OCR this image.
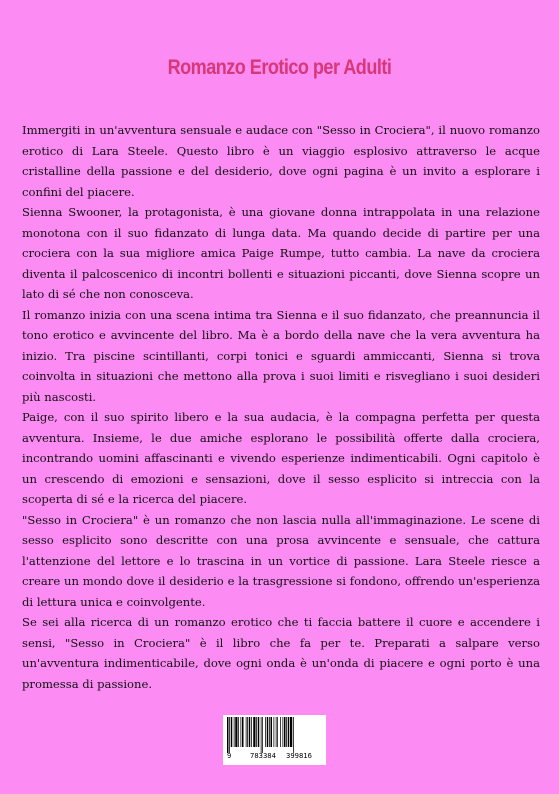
Romanzo Erotico per Adulti

Immergiti in un'avventura sensuale e audace con "Sesso in Crociera", il nuovo romanzo erotico di Lara Steele. Questo libro è un viaggio esplosivo attraverso le acque cristalline della passione e del desiderio, dove ogni pagina è un invito a esplorare i confini del piacere.

Sienna Swooner, la protagonista, è una giovane donna intrappolata in una relazione monotona con il suo fidanzato di lunga data. Ma quando decide di partire per una crociera con la sua migliore amica Paige Rumpe, tutto cambia. La nave da crociera diventa il palcoscenico di incontri bollenti e situazioni piccanti, dove Sienna scopre un lato di sé che non conosceva.

Il romanzo inizia con una scena intima tra Sienna e il suo fidanzato, che preannuncia il tono erotico e avvincente del libro. Ma è a bordo della nave che la vera avventura ha inizio. Tra piscine scintillanti, corpi tonici e sguardi ammiccanti, Sienna si trova coinvolta in situazioni che mettono alla prova i suoi limiti e risvegliano i suoi desideri più nascosti.

Paige, con il suo spirito libero e la sua audacia, è la compagna perfetta per questa avventura. Insieme, le due amiche esplorano le possibilità offerte dalla crociera, incontrando uomini affascinanti e vivendo esperienze indimenticabili. Ogni capitolo è un crescendo di emozioni e sensazioni, dove il sesso esplicito si intreccia con la scoperta di sé e la ricerca del piacere.

"Sesso in Crociera" è un romanzo che non lascia nulla all'immaginazione. Le scene di sesso esplicito sono descritte con una prosa avvincente e sensuale, che cattura l'attenzione del lettore e lo trascina in un vortice di passione. Lara Steele riesce a creare un mondo dove il desiderio e la trasgressione si fondono, offrendo un'esperienza di lettura unica e coinvolgente.

Se sei alla ricerca di un romanzo erotico che ti faccia battere il cuore e accendere i sensi, "Sesso in Crociera" è il libro che fa per te. Preparati a salpare verso un'avventura indimenticabile, dove ogni onda è un'onda di piacere e ogni porto è una promessa di passione.

9	783384 399816
